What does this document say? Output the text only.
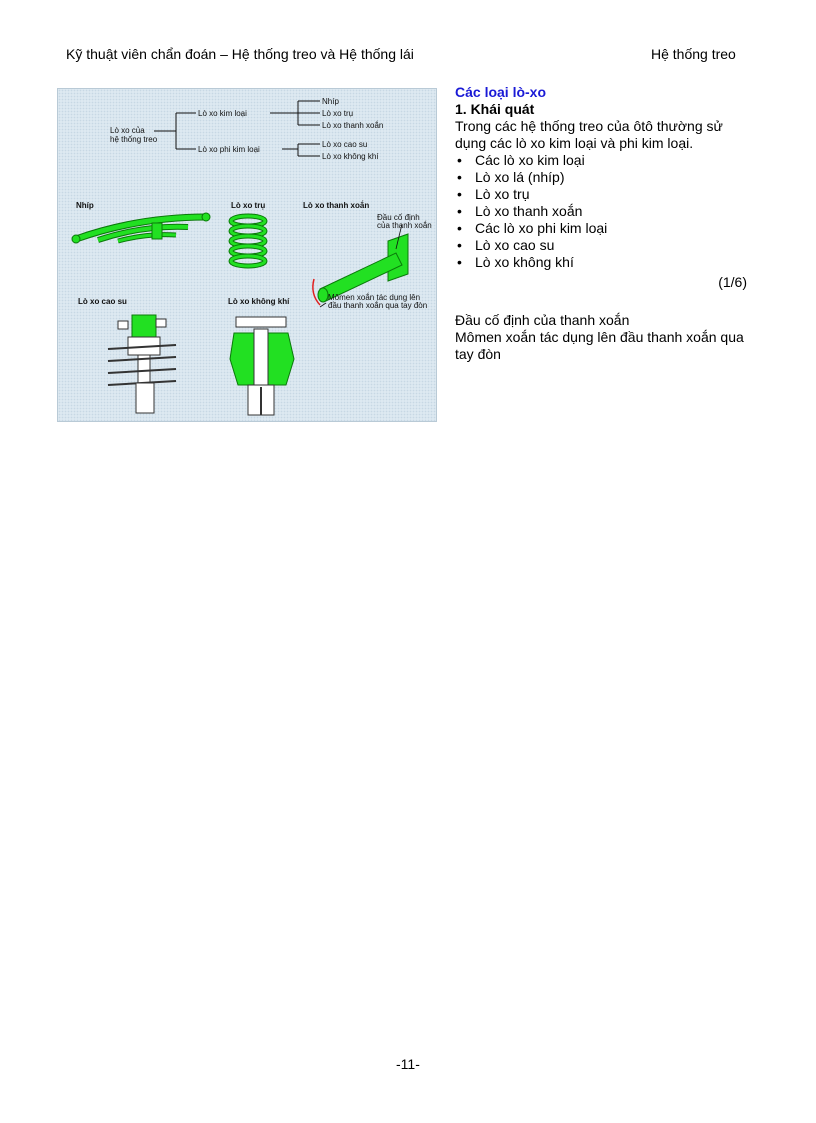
Kỹ thuật viên chẩn đoán – Hệ thống treo và Hệ thống lái	Hệ thống treo
Lò xo của
hệ thống treo
Lò xo kim loại
Lò xo phi kim loại
Nhíp
Lò xo trụ
Lò xo thanh xoắn
Lò xo cao su
Lò xo không khí
Nhíp	Lò xo trụ	Lò xo thanh xoắn
Lò xo cao su	Lò xo không khí
Đầu cố định
của thanh xoắn
Mômen xoắn tác dụng lên
đầu thanh xoắn qua tay đòn

Các loại lò-xo

1. Khái quát

Trong các hệ thống treo của ôtô thường sử dụng các lò xo kim loại và phi kim loại.

• Các lò xo kim loại
• Lò xo lá (nhíp)
• Lò xo trụ
• Lò xo thanh xoắn
• Các lò xo phi kim loại
• Lò xo cao su
• Lò xo không khí

(1/6)

Đầu cố định của thanh xoắn

Mômen xoắn tác dụng lên đầu thanh xoắn qua tay đòn

-11-
